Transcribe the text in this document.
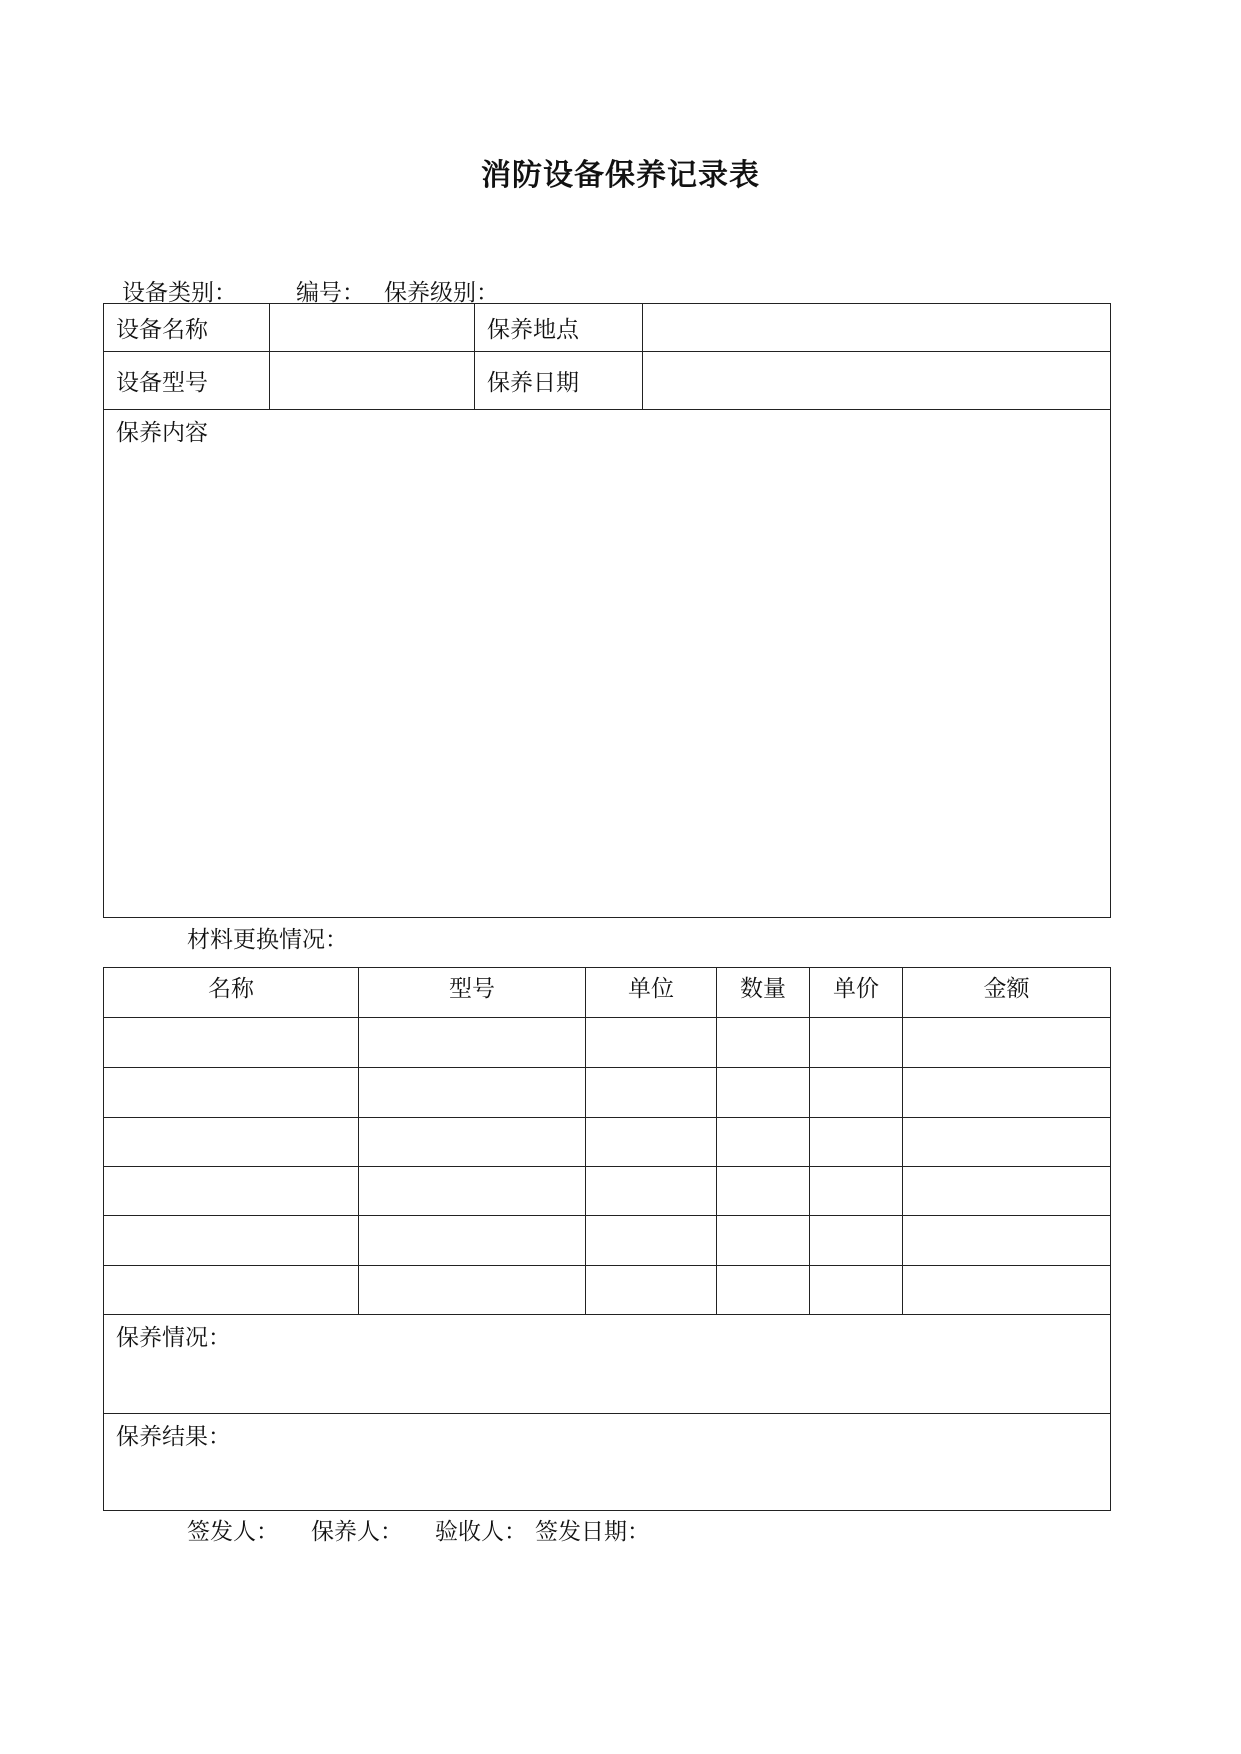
消防设备保养记录表
设备类别：	编号： 保养级别：
设备名称		保养地点	
设备型号		保养日期	
保养内容			
材料更换情况：
名称	型号	单位	数量	单价	金额

保养情况：					
保养结果：					
签发人： 保养人： 验收人： 签发日期：
